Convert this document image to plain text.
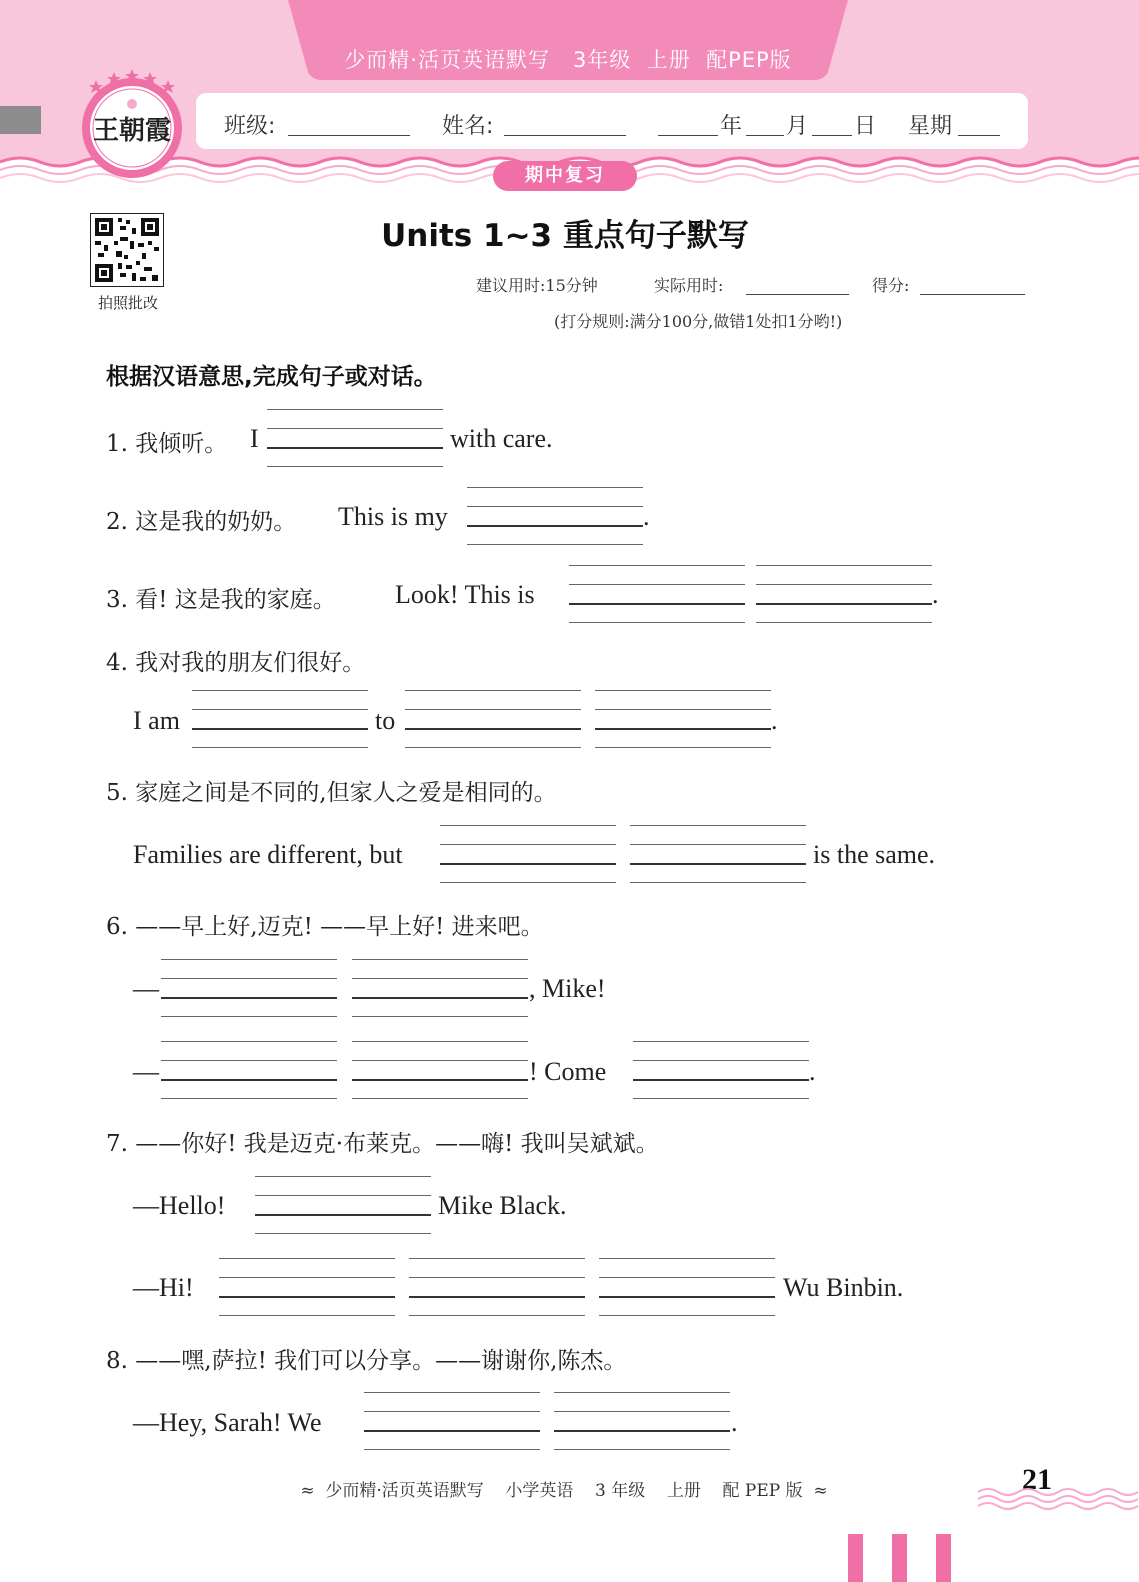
少而精·活页英语默写   3年级  上册  配PEP版
王朝霞 班级:	姓名:	年 月 日 星期
期中复习
拍照批改
Units 1~3 重点句子默写
建议用时:15分钟	实际用时:	得分:
(打分规则:满分100分,做错1处扣1分哟!)
根据汉语意思,完成句子或对话。
1. 我倾听。 I	with care.
2. 这是我的奶奶。 This is my	.
3. 看! 这是我的家庭。 Look! This is	.
4. 我对我的朋友们很好。
I am	to	.
5. 家庭之间是不同的,但家人之爱是相同的。
Families are different, but	is the same.
6. ——早上好,迈克! ——早上好! 进来吧。
—	, Mike!
—	! Come	.
7. ——你好! 我是迈克·布莱克。——嗨! 我叫吴斌斌。
—Hello!	Mike Black.
—Hi!	Wu Binbin.
8. ——嘿,萨拉! 我们可以分享。——谢谢你,陈杰。
—Hey, Sarah! We	.
≈  少而精·活页英语默写    小学英语    3 年级    上册    配 PEP 版  ≈	21
